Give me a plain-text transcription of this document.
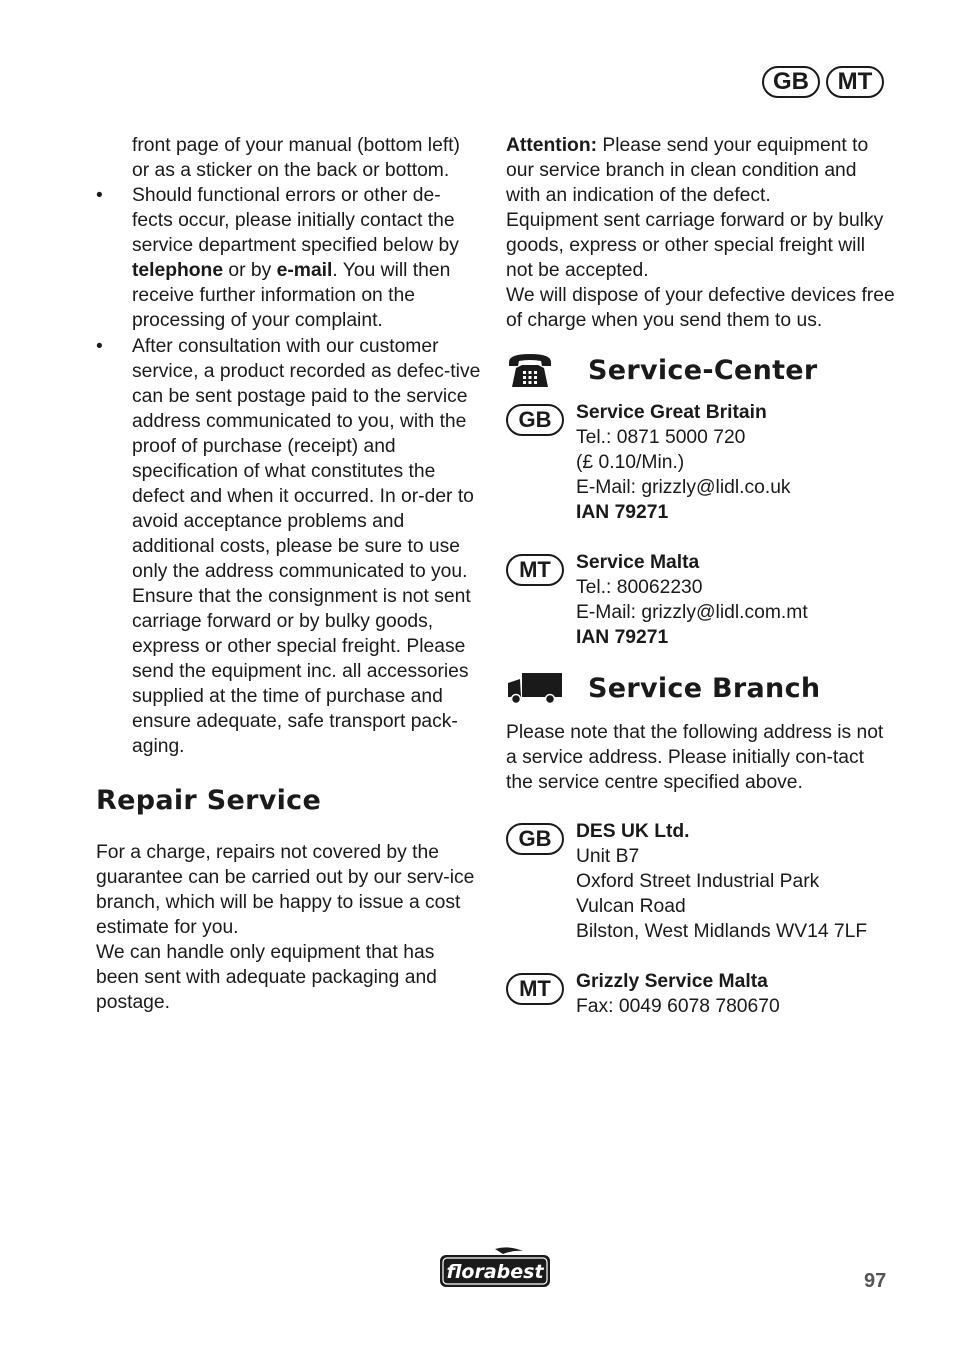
GB	MT

front page of your manual (bottom left) or as a sticker on the back or bottom.

• Should functional errors or other de-fects occur, please initially contact the service department specified below by telephone or by e-mail. You will then receive further information on the processing of your complaint.
• After consultation with our customer service, a product recorded as defec-tive can be sent postage paid to the service address communicated to you, with the proof of purchase (receipt) and specification of what constitutes the defect and when it occurred. In or-der to avoid acceptance problems and additional costs, please be sure to use only the address communicated to you. Ensure that the consignment is not sent carriage forward or by bulky goods, express or other special freight. Please send the equipment inc. all accessories supplied at the time of purchase and ensure adequate, safe transport pack-aging.
Repair Service

For a charge, repairs not covered by the guarantee can be carried out by our serv-ice branch, which will be happy to issue a cost estimate for you.

We can handle only equipment that has been sent with adequate packaging and postage.

Attention: Please send your equipment to our service branch in clean condition and with an indication of the defect.

Equipment sent carriage forward or by bulky goods, express or other special freight will not be accepted.

We will dispose of your defective devices free of charge when you send them to us.

Service-Center
GB	Service Great Britain

Tel.: 0871 5000 720

(£ 0.10/Min.)

E-Mail: grizzly@lidl.co.uk

IAN 79271

MT	Service Malta

Tel.: 80062230

E-Mail: grizzly@lidl.com.mt

IAN 79271

Service Branch

Please note that the following address is not a service address. Please initially con-tact the service centre specified above.

GB	DES UK Ltd.

Unit B7

Oxford Street Industrial Park

Vulcan Road

Bilston, West Midlands WV14 7LF

MT	Grizzly Service Malta

Fax: 0049 6078 780670

florabest	97
